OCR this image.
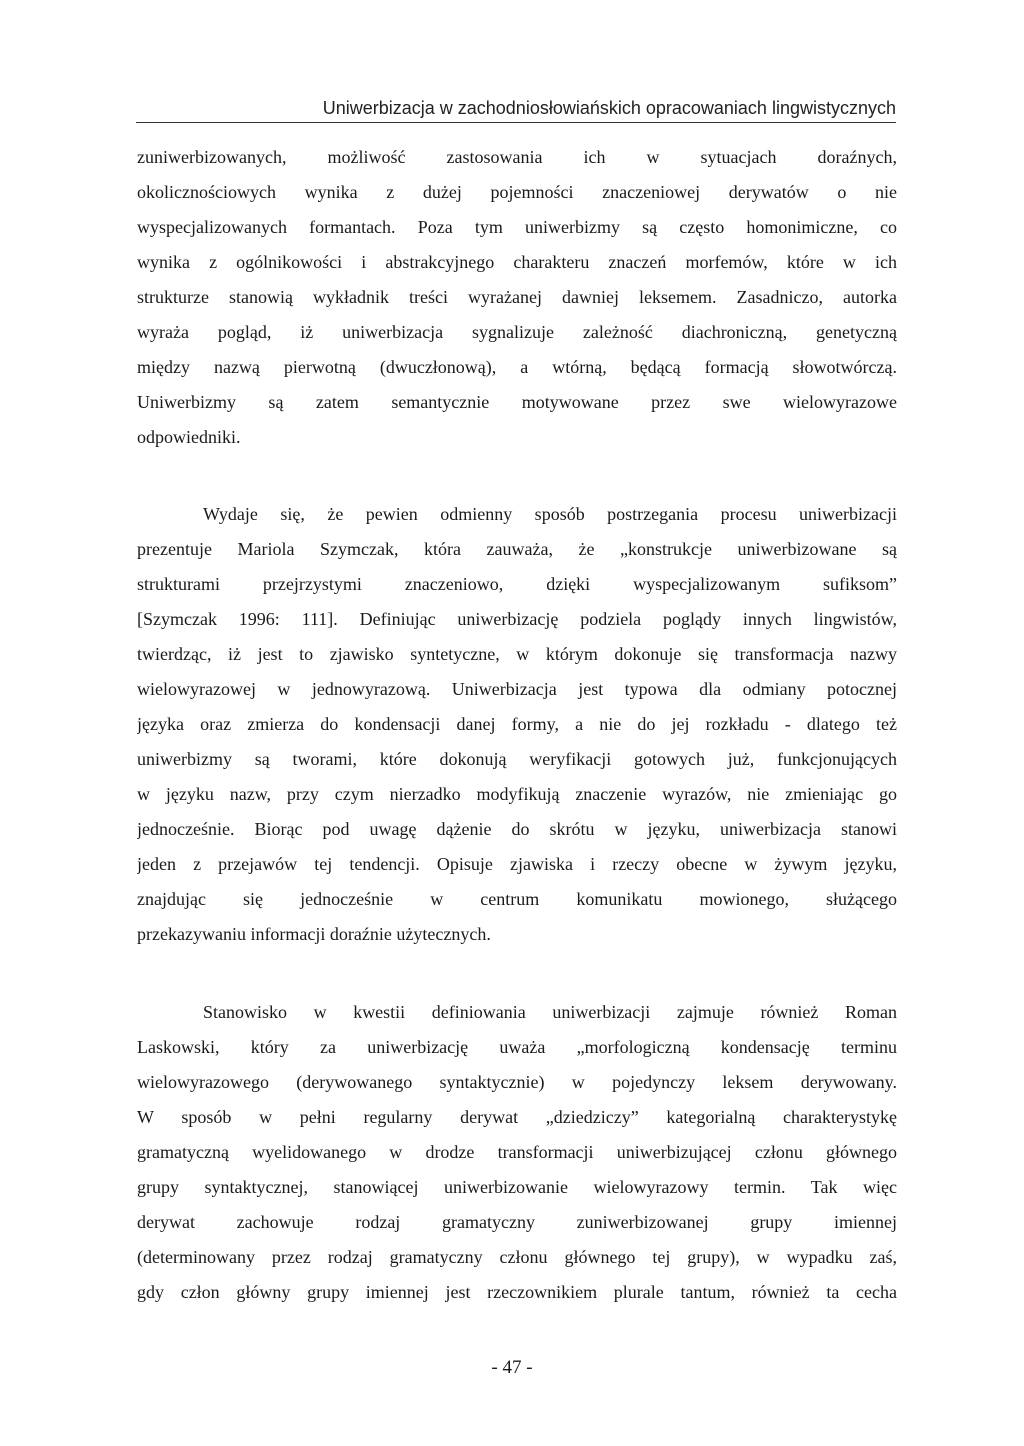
Uniwerbizacja w zachodniosłowiańskich opracowaniach lingwistycznych
zuniwerbizowanych, możliwość zastosowania ich w sytuacjach doraźnych,
okolicznościowych wynika z dużej pojemności znaczeniowej derywatów o nie
wyspecjalizowanych formantach. Poza tym uniwerbizmy są często homonimiczne, co
wynika z ogólnikowości i abstrakcyjnego charakteru znaczeń morfemów, które w ich
strukturze stanowią wykładnik treści wyrażanej dawniej leksemem. Zasadniczo, autorka
wyraża pogląd, iż uniwerbizacja sygnalizuje zależność diachroniczną, genetyczną
między nazwą pierwotną (dwuczłonową), a wtórną, będącą formacją słowotwórczą.
Uniwerbizmy są zatem semantycznie motywowane przez swe wielowyrazowe
odpowiedniki.
Wydaje się, że pewien odmienny sposób postrzegania procesu uniwerbizacji
prezentuje Mariola Szymczak, która zauważa, że „konstrukcje uniwerbizowane są
strukturami przejrzystymi znaczeniowo, dzięki wyspecjalizowanym sufiksom”
[Szymczak 1996: 111]. Definiując uniwerbizację podziela poglądy innych lingwistów,
twierdząc, iż jest to zjawisko syntetyczne, w którym dokonuje się transformacja nazwy
wielowyrazowej w jednowyrazową. Uniwerbizacja jest typowa dla odmiany potocznej
języka oraz zmierza do kondensacji danej formy, a nie do jej rozkładu - dlatego też
uniwerbizmy są tworami, które dokonują weryfikacji gotowych już, funkcjonujących
w języku nazw, przy czym nierzadko modyfikują znaczenie wyrazów, nie zmieniając go
jednocześnie. Biorąc pod uwagę dążenie do skrótu w języku, uniwerbizacja stanowi
jeden z przejawów tej tendencji. Opisuje zjawiska i rzeczy obecne w żywym języku,
znajdując się jednocześnie w centrum komunikatu mowionego, służącego
przekazywaniu informacji doraźnie użytecznych.
Stanowisko w kwestii definiowania uniwerbizacji zajmuje również Roman
Laskowski, który za uniwerbizację uważa „morfologiczną kondensację terminu
wielowyrazowego (derywowanego syntaktycznie) w pojedynczy leksem derywowany.
W sposób w pełni regularny derywat „dziedziczy” kategorialną charakterystykę
gramatyczną wyelidowanego w drodze transformacji uniwerbizującej członu głównego
grupy syntaktycznej, stanowiącej uniwerbizowanie wielowyrazowy termin. Tak więc
derywat zachowuje rodzaj gramatyczny zuniwerbizowanej grupy imiennej
(determinowany przez rodzaj gramatyczny członu głównego tej grupy), w wypadku zaś,
gdy człon główny grupy imiennej jest rzeczownikiem plurale tantum, również ta cecha
- 47 -
